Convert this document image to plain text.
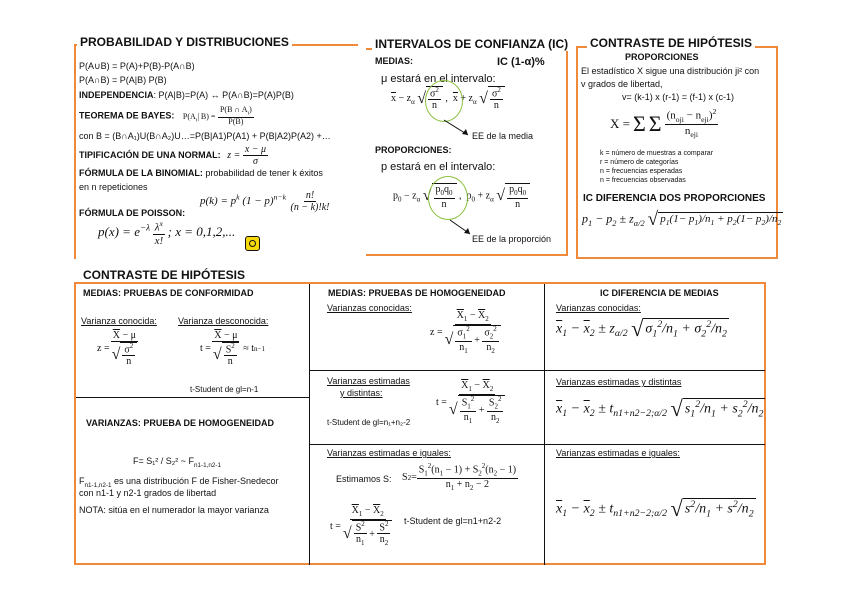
PROBABILIDAD Y DISTRIBUCIONES
P(A∪B) = P(A)+P(B)-P(A∩B)
P(A∩B) = P(A|B) P(B)
INDEPENDENCIA: P(A|B)=P(A) ↔ P(A∩B)=P(A)P(B)
TEOREMA DE BAYES: $P(A_i|$ $B) = \frac{P(B \cap A_i)}{P(B)}$
con B = (B∩A₁)U(B∩A₂)U…=P(B|A1)P(A1) + P(B|A2)P(A2) +…
TIPIFICACIÓN DE UNA NORMAL: $z = \frac{x - \mu}{\sigma}$
FÓRMULA DE LA BINOMIAL: probabilidad de tener k éxitos
en n repeticiones
$p(k) = p^k$ $(1 - p)^{n-k} \frac{n!}{(n - k)!k!}$
FÓRMULA DE POISSON:
$p(x) = e^{-\lambda} \frac{\lambda^x}{x!}$ ; x = 0,1,2,...
INTERVALOS DE CONFIANZA (IC)
MEDIAS:	IC (1-α)%
μ estará en el intervalo:
$\overline{x} - z_\alpha$ √ $\frac{\sigma^2}{n}$ ,  $\overline{x} + z_\alpha$ √ $\frac{\sigma^2}{n}$
EE de la media
PROPORCIONES:
p estará en el intervalo:
$p_0 - z_\alpha$ √ $\frac{p_0q_0}{n}$ ,  $p_0 + z_\alpha$ √ $\frac{p_0q_0}{n}$
EE de la proporción
CONTRASTE DE HIPÓTESIS
PROPORCIONES
El estadístico X sigue una distribución ji² con
v grados de libertad,
v= (k-1) x (r-1) = (f-1) x (c-1)
X = Σ Σ $\frac{(n_{oji} - n_{eji})^2}{n_{eji}}$
k = número de muestras a comparar
r = número de categorías
n = frecuencias esperadas
n = frecuencias observadas
IC DIFERENCIA DOS PROPORCIONES
$p_1 - p_2 \pm z_{\alpha/2}$ √ $p_1(1- p_1)/n_1 + p_2(1- p_2)/n_2$
CONTRASTE DE HIPÓTESIS
MEDIAS: PRUEBAS DE CONFORMIDAD
Varianza conocida: Varianza desconocida:
$z = \frac{\overline{X} - \mu}{√ \frac{\sigma^2}{n}}$	$t = \frac{\overline{X} - \mu}{√ \frac{S^2}{n}} \approx t$ n−1
t-Student de gl=n-1
VARIANZAS: PRUEBA DE HOMOGENEIDAD
F= S₁² / S₂² ~ $F_{n1-1,n2-1}$
$F_{n1-1,n2-1}$ es una distribución F de Fisher-Snedecor
con n1-1 y n2-1 grados de libertad
NOTA: sitúa en el numerador la mayor varianza
MEDIAS: PRUEBAS DE HOMOGENEIDAD
Varianzas conocidas:
$z = \frac{\overline{X}_1 - \overline{X}_2}{√ \frac{\sigma_1^2}{n_1} + \frac{\sigma_2^2}{n_2}}$
Varianzas estimadas
y distintas:
$t = \frac{\overline{X}_1 - \overline{X}_2}{√ \frac{S_1^2}{n_1} + \frac{S_2^2}{n_2}}$
t-Student de gl=n₁+n₂-2
Varianzas estimadas e iguales:
Estimamos S: S $2 = \frac{S_1^2(n_1 - 1) + S_2^2(n_2 - 1)}{n_1 + n_2 - 2}$
$t = \frac{\overline{X}_1 - \overline{X}_2}{√ \frac{S^2}{n_1} + \frac{S^2}{n_2}}$ t-Student de gl=n1+n2-2
IC DIFERENCIA DE MEDIAS
Varianzas conocidas:
$\overline{x}_1 - \overline{x}_2 \pm z_{\alpha/2}$ √ $\sigma_1^2/n_1 + \sigma_2^2/n_2$
Varianzas estimadas y distintas
$\overline{x}_1 - \overline{x}_2 \pm t_{n1+n2-2;\alpha/2}$ √ $s_1^2/n_1 + s_2^2/n_2$
Varianzas estimadas e iguales:
$\overline{x}_1 - \overline{x}_2 \pm t_{n1+n2-2;\alpha/2}$ √ $s^2/n_1 + s^2/n_2$
